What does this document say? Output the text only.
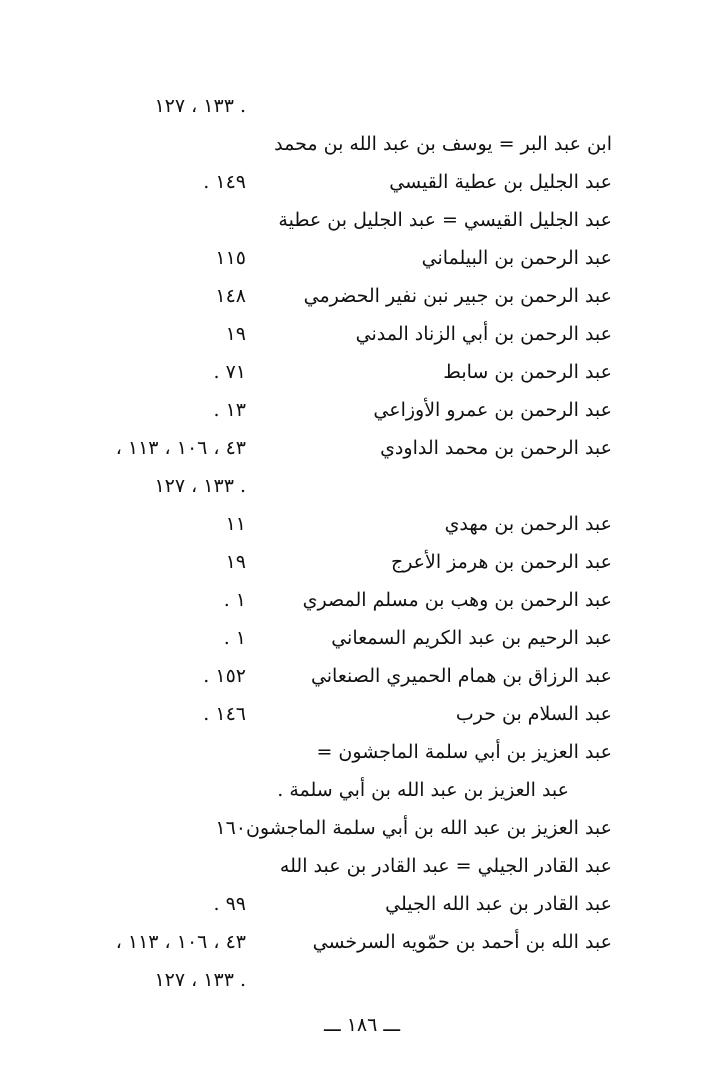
. ١٣٣ ، ١٢٧
ابن عبد البر = يوسف بن عبد الله بن محمد
عبد الجليل بن عطية القيسي
١٤٩ .
عبد الجليل القيسي = عبد الجليل بن عطية
عبد الرحمن بن البيلماني
١١٥
عبد الرحمن بن جبير نبن نفير الحضرمي
١٤٨
عبد الرحمن بن أبي الزناد المدني
١٩
عبد الرحمن بن سابط
٧١ .
عبد الرحمن بن عمرو الأوزاعي
١٣ .
عبد الرحمن بن محمد الداودي
٤٣ ، ١٠٦ ، ١١٣ ،
. ١٣٣ ، ١٢٧
عبد الرحمن بن مهدي
١١
عبد الرحمن بن هرمز الأعرج
١٩
عبد الرحمن بن وهب بن مسلم المصري
١ .
عبد الرحيم بن عبد الكريم السمعاني
١ .
عبد الرزاق بن همام الحميري الصنعاني
١٥٢ .
عبد السلام بن حرب
١٤٦ .
عبد العزيز بن أبي سلمة الماجشون =
عبد العزيز بن عبد الله بن أبي سلمة .
عبد العزيز بن عبد الله بن أبي سلمة الماجشون
١٦٠
عبد القادر الجيلي = عبد القادر بن عبد الله
عبد القادر بن عبد الله الجيلي
٩٩ .
عبد الله بن أحمد بن حمّويه السرخسي
٤٣ ، ١٠٦ ، ١١٣ ،
. ١٣٣ ، ١٢٧
ـــ ١٨٦ ـــ
